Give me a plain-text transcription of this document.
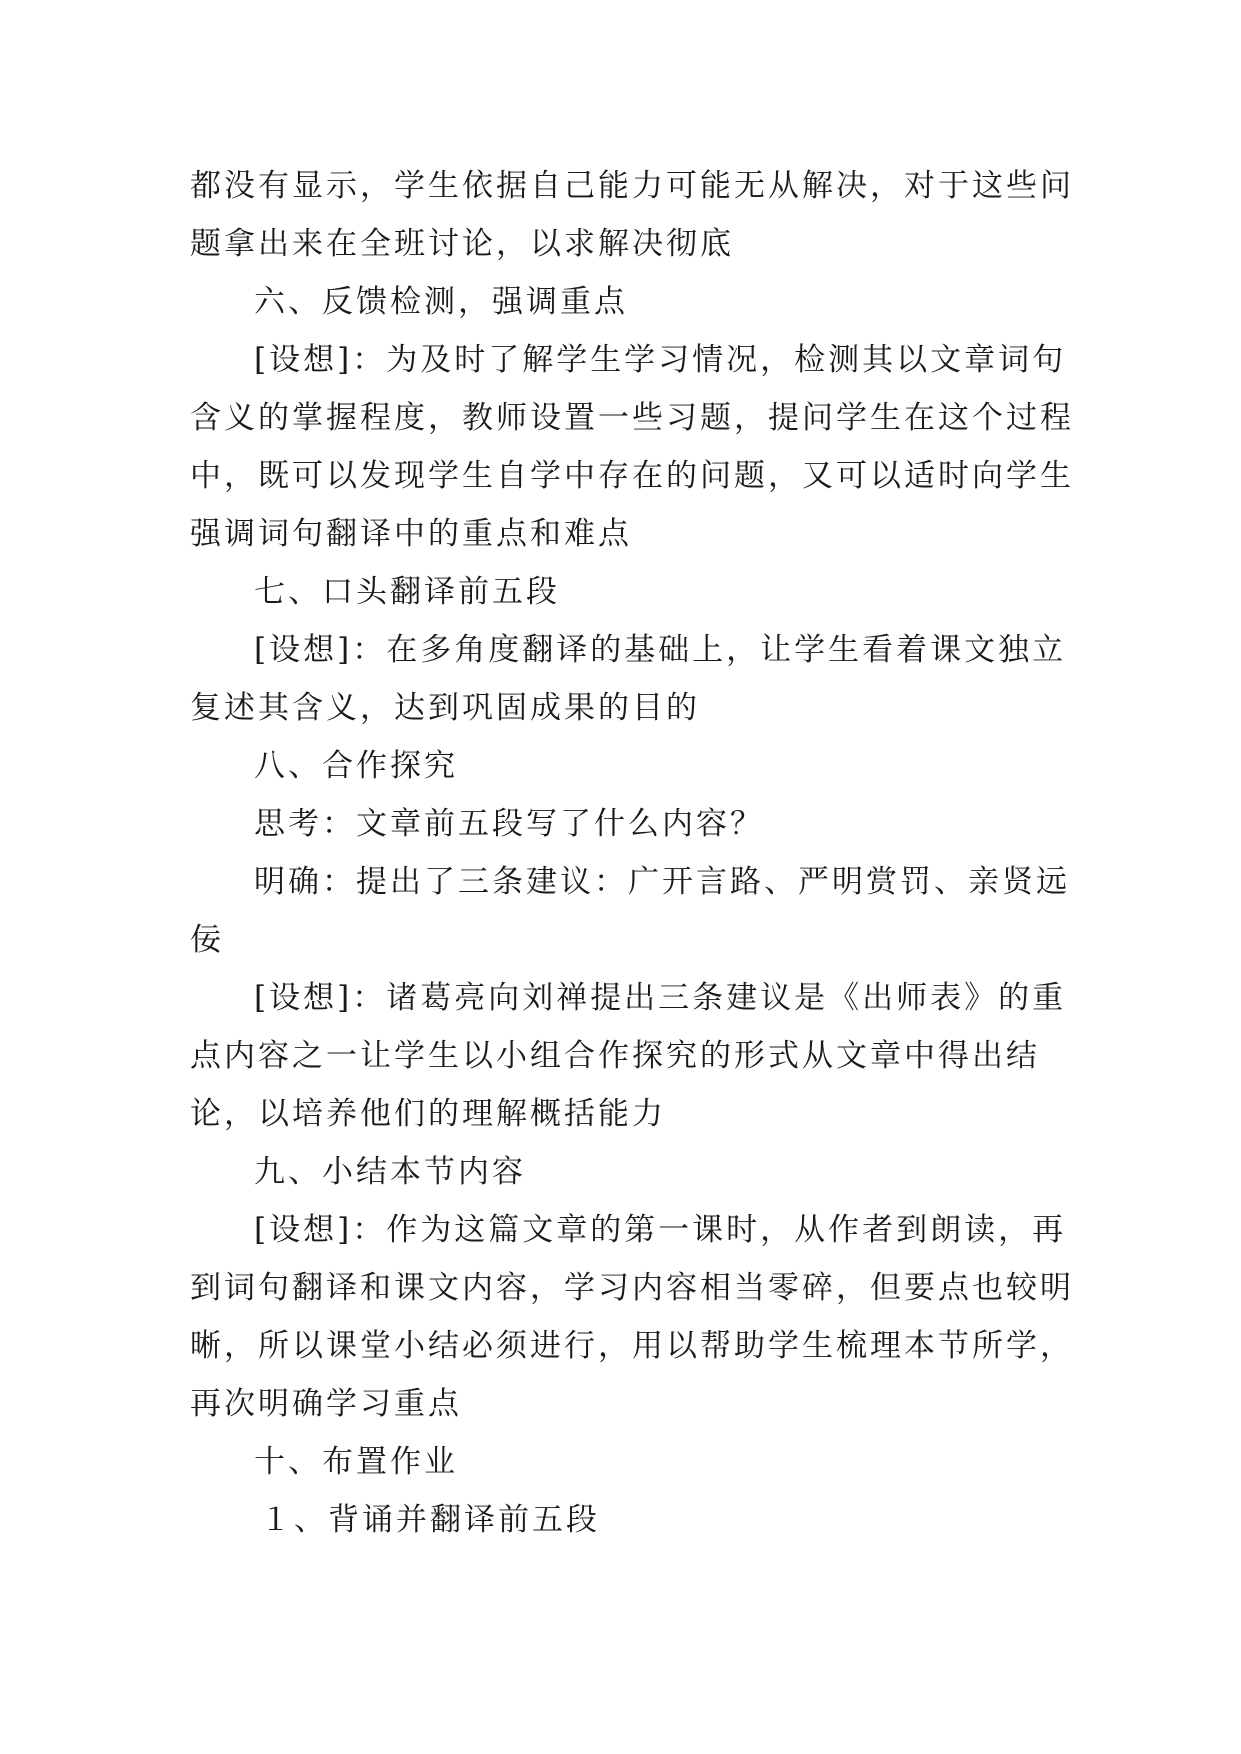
都没有显示，学生依据自己能力可能无从解决，对于这些问
题拿出来在全班讨论，以求解决彻底
六、反馈检测，强调重点
[设想]：为及时了解学生学习情况，检测其以文章词句
含义的掌握程度，教师设置一些习题，提问学生在这个过程
中，既可以发现学生自学中存在的问题，又可以适时向学生
强调词句翻译中的重点和难点
七、口头翻译前五段
[设想]：在多角度翻译的基础上，让学生看着课文独立
复述其含义，达到巩固成果的目的
八、合作探究
思考：文章前五段写了什么内容？
明确：提出了三条建议：广开言路、严明赏罚、亲贤远
佞
[设想]：诸葛亮向刘禅提出三条建议是《出师表》的重
点内容之一让学生以小组合作探究的形式从文章中得出结
论，以培养他们的理解概括能力
九、小结本节内容
[设想]：作为这篇文章的第一课时，从作者到朗读，再
到词句翻译和课文内容，学习内容相当零碎，但要点也较明
晰，所以课堂小结必须进行，用以帮助学生梳理本节所学，
再次明确学习重点
十、布置作业
１、背诵并翻译前五段
